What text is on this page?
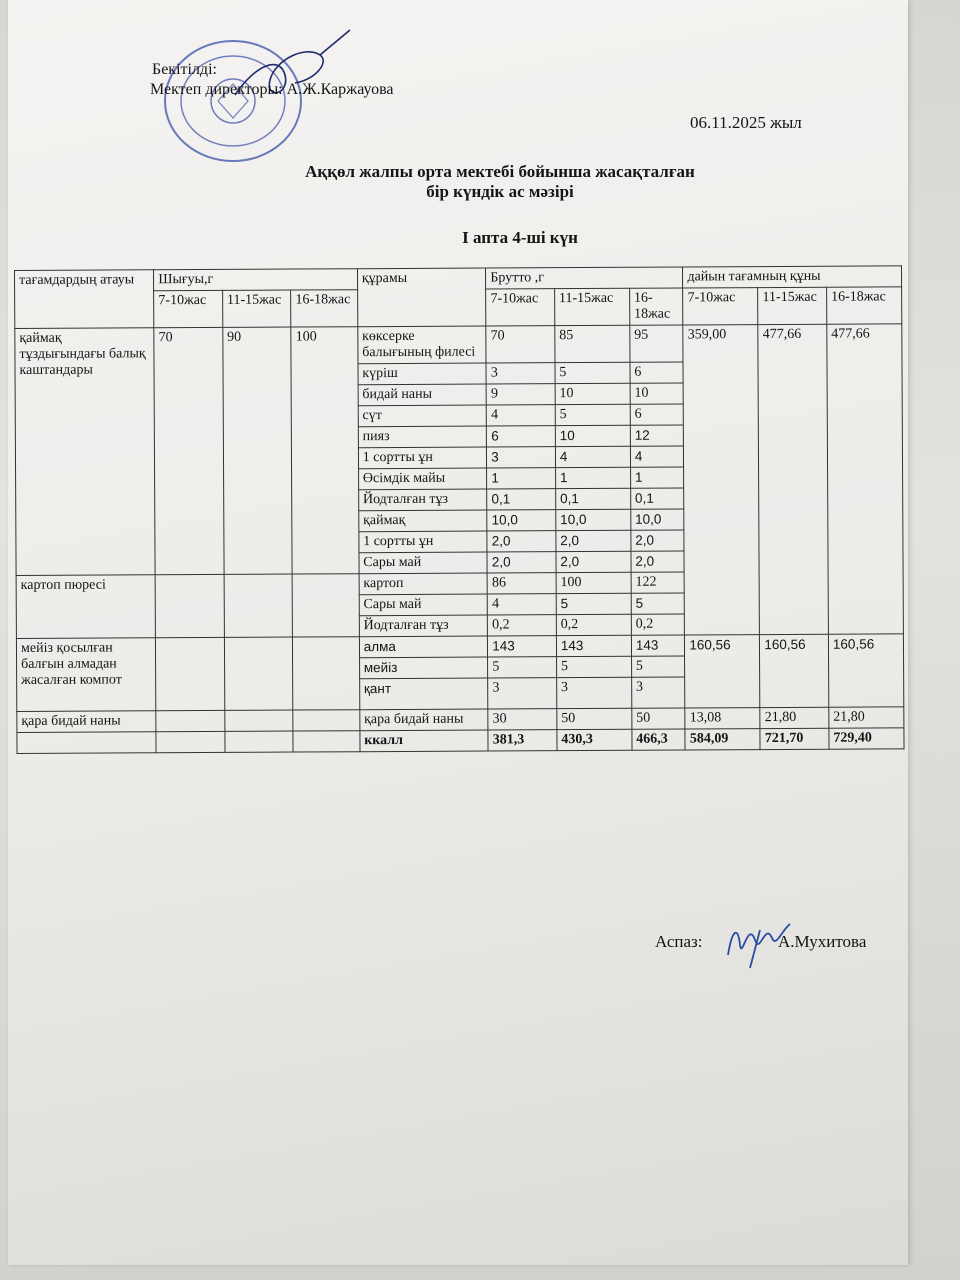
Бекітілді:
Мектеп директоры: А.Ж.Каржауова
06.11.2025 жыл
Аққөл жалпы орта мектебі бойынша жасақталған
бір күндік ас мәзірі
I апта 4-ші күн
тағамдардың атауы	Шығуы,г			құрамы	Брутто ,г			дайын тағамның құны		
	7-10жас	11-15жас	16-18жас		7-10жас	11-15жас	16-18жас	7-10жас	11-15жас	16-18жас
қаймақ тұздығындағы балық каштандары	70	90	100	көксерке балығының филесі	70	85	95	359,00	477,66	477,66
				күріш	3	5	6			
				бидай наны	9	10	10			
				сүт	4	5	6			
				пияз	6	10	12			
				1 сортты ұн	3	4	4			
				Өсімдік майы	1	1	1			
				Йодталған тұз	0,1	0,1	0,1			
				қаймақ	10,0	10,0	10,0			
				1 сортты ұн	2,0	2,0	2,0			
				Сары май	2,0	2,0	2,0			
картоп пюресі				картоп	86	100	122			
				Сары май	4	5	5			
				Йодталған тұз	0,2	0,2	0,2			
мейіз қосылған балғын алмадан жасалған компот				алма	143	143	143	160,56	160,56	160,56
				мейіз	5	5	5			
				қант	3	3	3			
қара бидай наны				қара бидай наны	30	50	50	13,08	21,80	21,80
				ккалл	381,3	430,3	466,3	584,09	721,70	729,40
Аспаз:	А.Мухитова
